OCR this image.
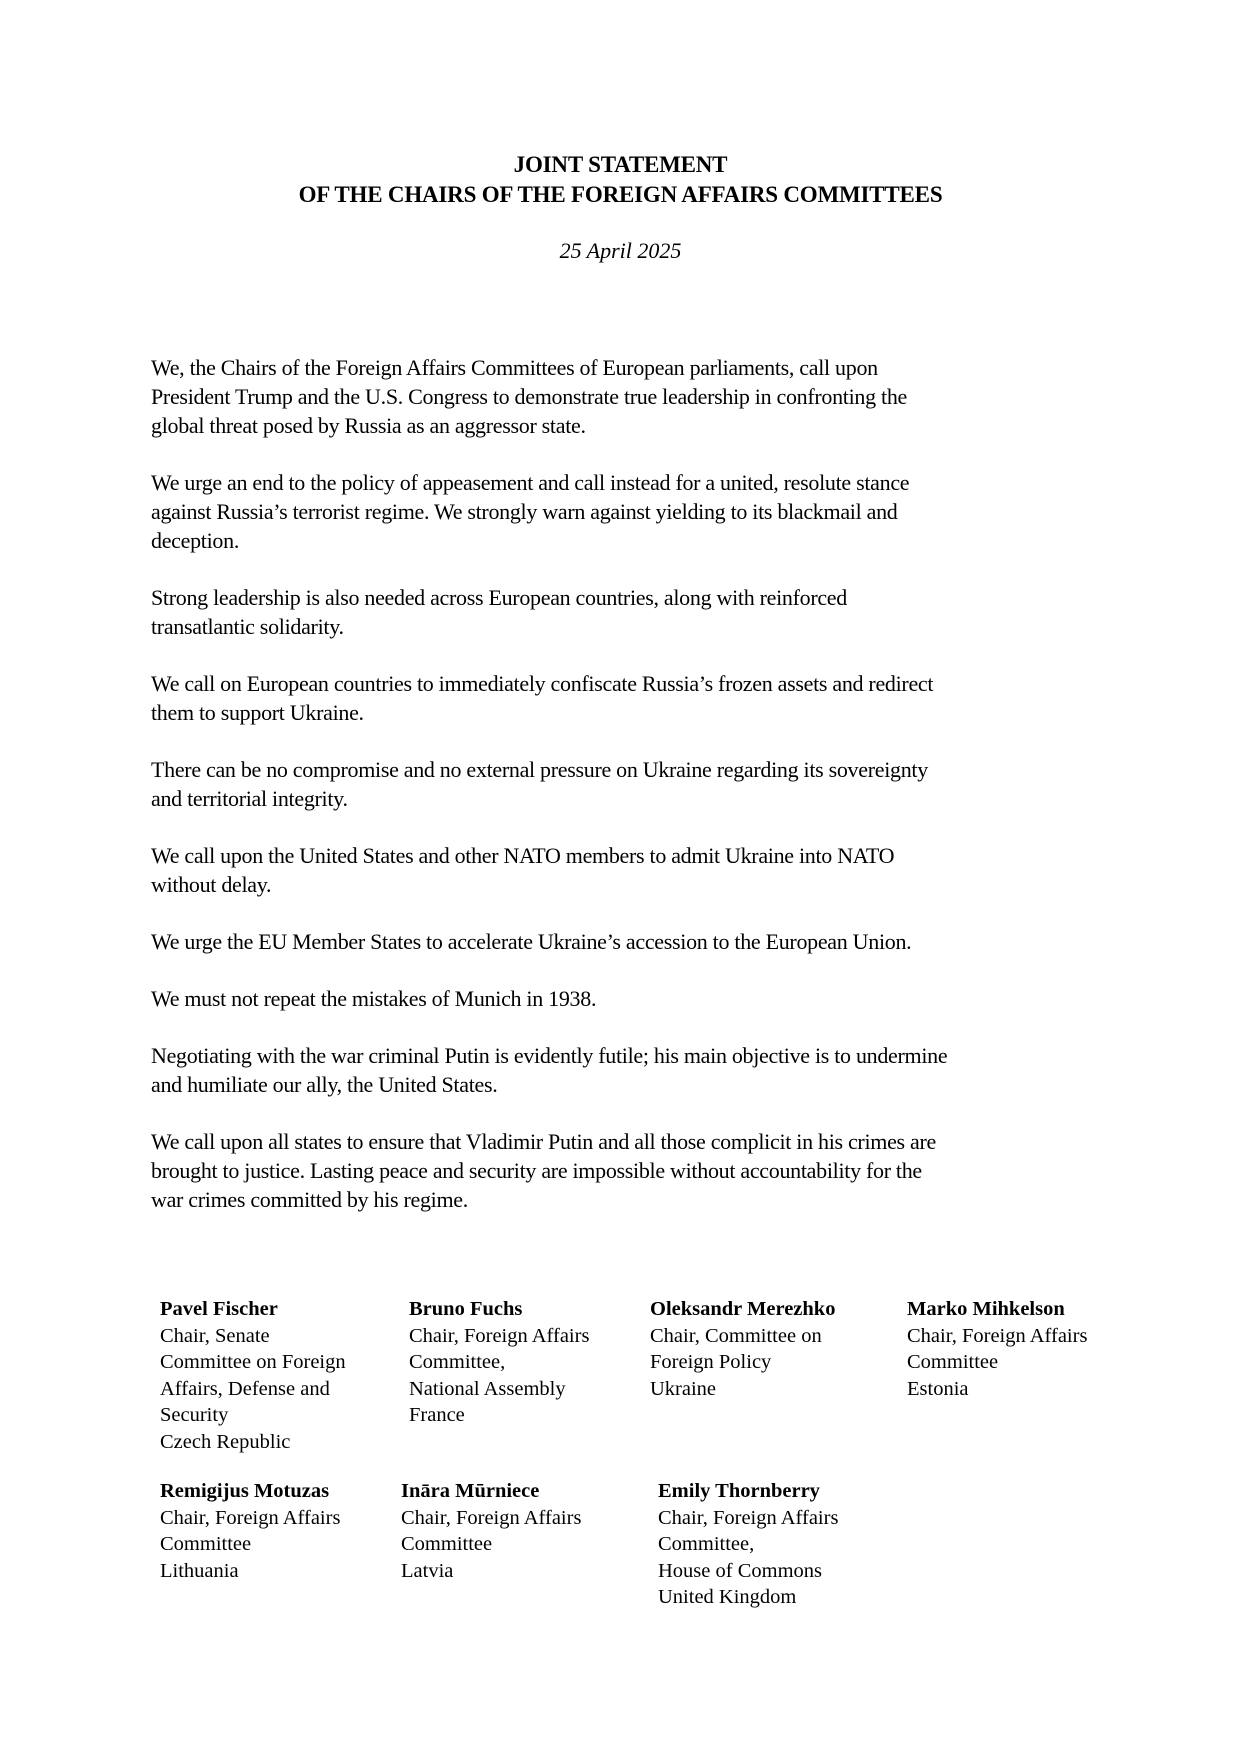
JOINT STATEMENT
OF THE CHAIRS OF THE FOREIGN AFFAIRS COMMITTEES
25 April 2025
We, the Chairs of the Foreign Affairs Committees of European parliaments, call upon
President Trump and the U.S. Congress to demonstrate true leadership in confronting the
global threat posed by Russia as an aggressor state.
We urge an end to the policy of appeasement and call instead for a united, resolute stance
against Russia’s terrorist regime. We strongly warn against yielding to its blackmail and
deception.
Strong leadership is also needed across European countries, along with reinforced
transatlantic solidarity.
We call on European countries to immediately confiscate Russia’s frozen assets and redirect
them to support Ukraine.
There can be no compromise and no external pressure on Ukraine regarding its sovereignty
and territorial integrity.
We call upon the United States and other NATO members to admit Ukraine into NATO
without delay.
We urge the EU Member States to accelerate Ukraine’s accession to the European Union.
We must not repeat the mistakes of Munich in 1938.
Negotiating with the war criminal Putin is evidently futile; his main objective is to undermine
and humiliate our ally, the United States.
We call upon all states to ensure that Vladimir Putin and all those complicit in his crimes are
brought to justice. Lasting peace and security are impossible without accountability for the
war crimes committed by his regime.
Pavel Fischer
Chair, Senate
Committee on Foreign
Affairs, Defense and
Security
Czech Republic
Bruno Fuchs
Chair, Foreign Affairs
Committee,
National Assembly
France
Oleksandr Merezhko
Chair, Committee on
Foreign Policy
Ukraine
Marko Mihkelson
Chair, Foreign Affairs
Committee
Estonia
Remigijus Motuzas
Chair, Foreign Affairs
Committee
Lithuania
Ināra Mūrniece
Chair, Foreign Affairs
Committee
Latvia
Emily Thornberry
Chair, Foreign Affairs
Committee,
House of Commons
United Kingdom
